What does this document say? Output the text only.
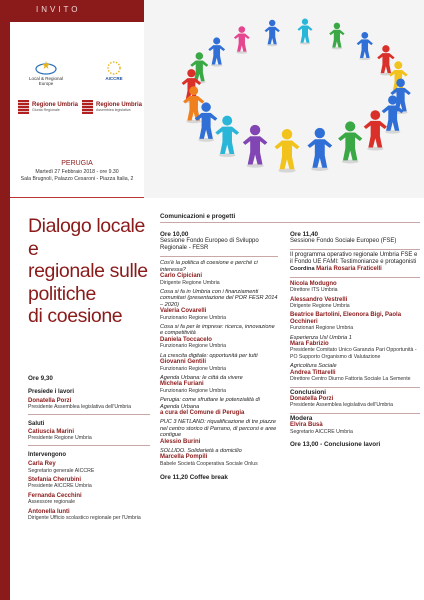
INVITO
Local & Regional
Europe
AICCRE
Regione Umbria
Giunta Regionale
Regione Umbria
Assemblea legislativa
PERUGIA
Martedì 27 Febbraio 2018 - ore 9.30
Sala Brugnoli, Palazzo Cesaroni - Piazza Italia, 2
Dialogo locale
e
regionale sulle
politiche
di coesione
Ore 9,30
Presiede i lavori
Donatella Porzi
Presidente Assemblea legislativa dell'Umbria
Saluti
Catiuscia Marini
Presidente Regione Umbria
Intervengono
Carla Rey
Segretario generale AICCRE
Stefania Cherubini
Presidente AICCRE Umbria
Fernanda Cecchini
Assessore regionale
Antonella Iunti
Dirigente Ufficio scolastico regionale per l'Umbria
Comunicazioni e progetti
Ore 10,00
Sessione Fondo Europeo di Sviluppo Regionale - FESR
Cos'è la politica di coesione e perché ci interessa?
Carlo Cipiciani
Dirigente Regione Umbria
Cosa si fa in Umbria con i finanziamenti comunitari (presentazione del POR FESR 2014 – 2020)
Valeria Covarelli
Funzionario Regione Umbria
Cosa si fa per le imprese: ricerca, innovazione e competitività
Daniela Toccacelo
Funzionario Regione Umbria
La crescita digitale: opportunità per tutti
Giovanni Gentili
Funzionario Regione Umbria
Agenda Urbana: le città da vivere
Michela Furiani
Funzionario Regione Umbria
Perugia: come sfruttare le potenzialità di Agenda Urbana
a cura del Comune di Perugia
PUC 3 NETLAND: riqualificazione di tre piazze nel centro storico di Parrano, di percorsi e aree contigue
Alessio Burini
SOLLIDO. Solidarietà a domicilio
Marcella Pompili
Babele Società Cooperativa Sociale Onlus
Ore 11,20 Coffee break
Ore 11,40
Sessione Fondo Sociale Europeo (FSE)
Il programma operativo regionale Umbria FSE e il Fondo UE FAMI: Testimonianze e protagonisti
Coordina Maria Rosaria Fraticelli
Nicola Modugno
Direttore ITS Umbria
Alessandro Vestrelli
Dirigente Regione Umbria
Beatrice Bartolini, Eleonora Bigi, Paola Occhineri
Funzionari Regione Umbria
Esperienza Usl Umbria 1
Mara Fabrizio
Presidente Comitato Unico Garanzia Pari Opportunità - PO Supporto Organismo di Valutazione
Agricoltura Sociale
Andrea Tittarelli
Direttore Centro Diurno Fattoria Sociale La Semente
Conclusioni
Donatella Porzi
Presidente Assemblea legislativa dell'Umbria
Modera
Elvira Busà
Segretario AICCRE Umbria
Ore 13,00 - Conclusione lavori
